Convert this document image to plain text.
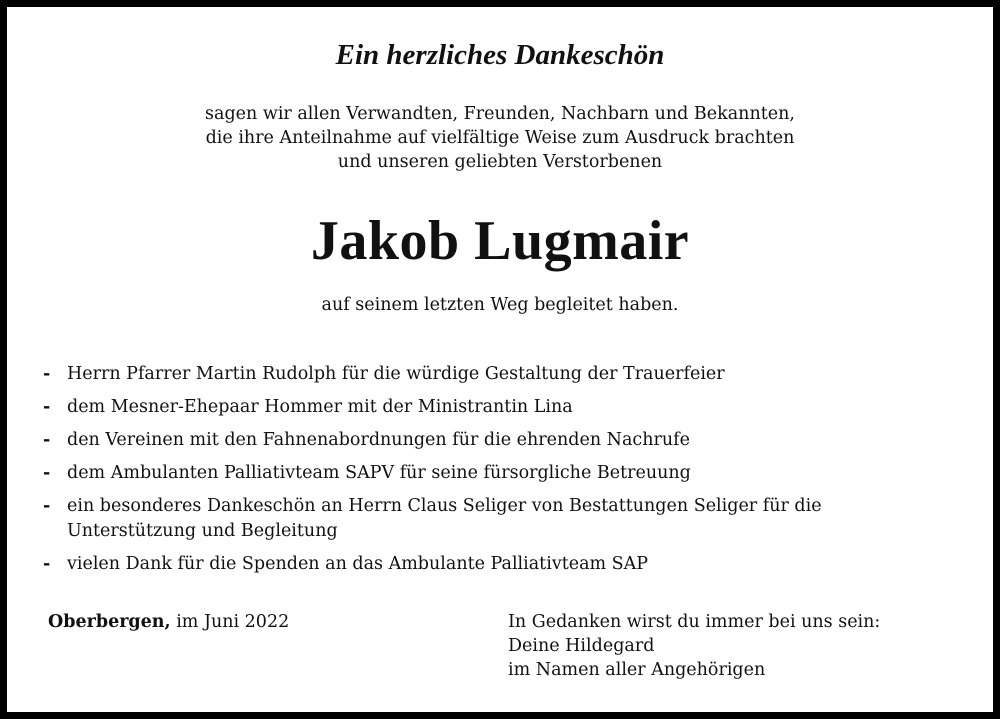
Ein herzliches Dankeschön
sagen wir allen Verwandten, Freunden, Nachbarn und Bekannten,
die ihre Anteilnahme auf vielfältige Weise zum Ausdruck brachten
und unseren geliebten Verstorbenen
Jakob Lugmair
auf seinem letzten Weg begleitet haben.
- Herrn Pfarrer Martin Rudolph für die würdige Gestaltung der Trauerfeier
- dem Mesner-Ehepaar Hommer mit der Ministrantin Lina
- den Vereinen mit den Fahnenabordnungen für die ehrenden Nachrufe
- dem Ambulanten Palliativteam SAPV für seine fürsorgliche Betreuung
- ein besonderes Dankeschön an Herrn Claus Seliger von Bestattungen Seliger für die Unterstützung und Begleitung
- vielen Dank für die Spenden an das Ambulante Palliativteam SAP
Oberbergen, im Juni 2022	In Gedanken wirst du immer bei uns sein:
Deine Hildegard
im Namen aller Angehörigen
